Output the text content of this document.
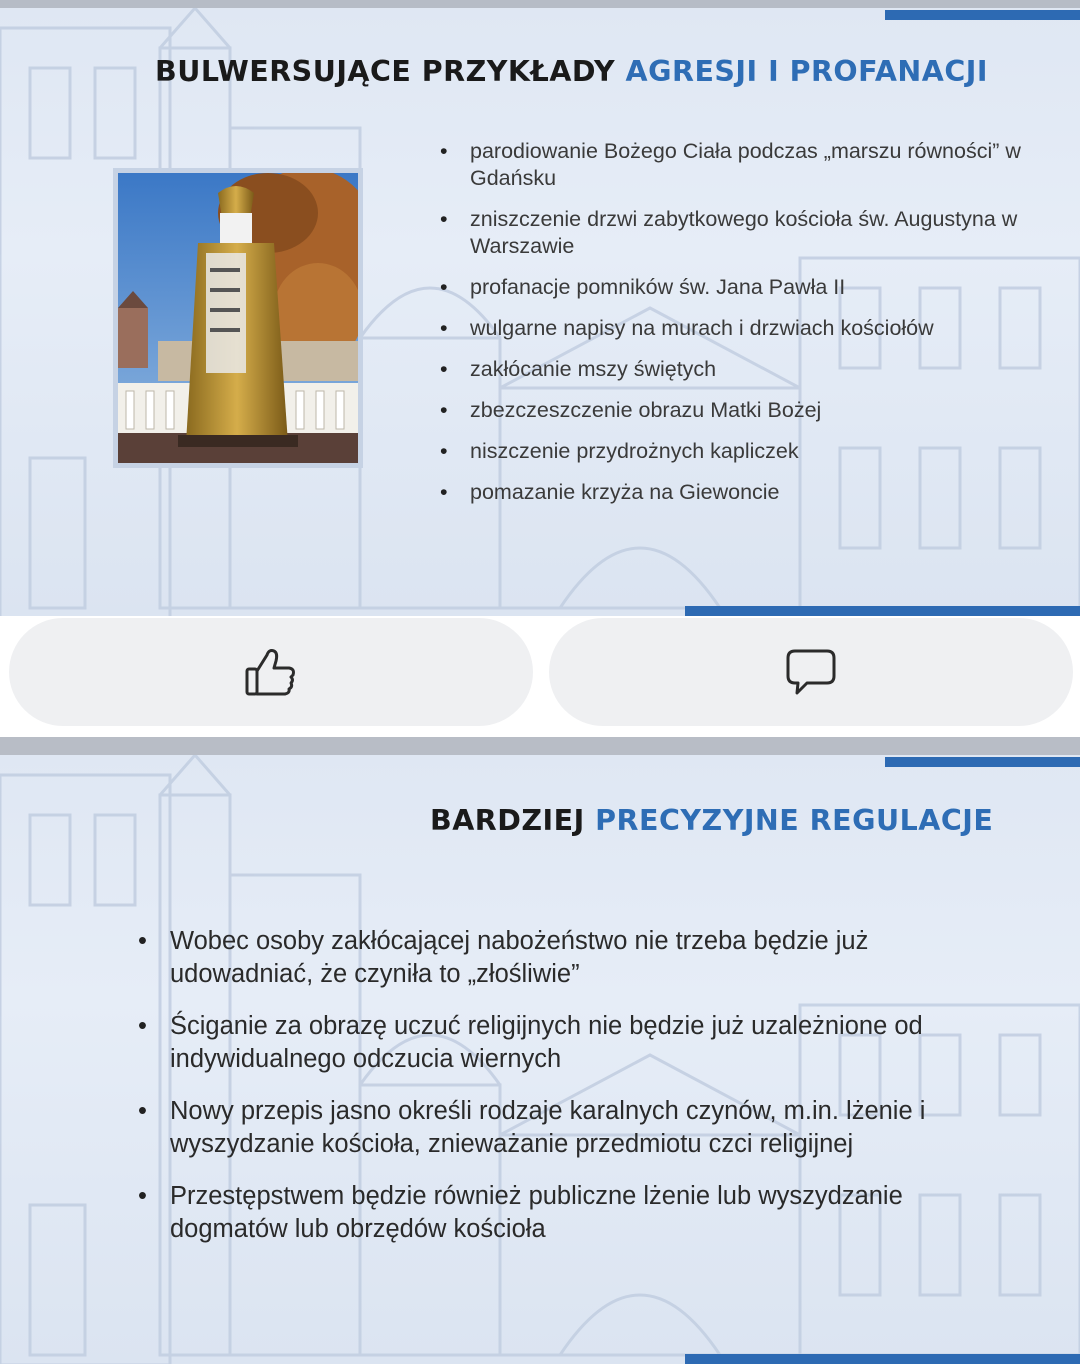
BULWERSUJĄCE PRZYKŁADY AGRESJI I PROFANACJI
• parodiowanie Bożego Ciała podczas „marszu równości” w Gdańsku
• zniszczenie drzwi zabytkowego kościoła św. Augustyna w Warszawie
• profanacje pomników św. Jana Pawła II
• wulgarne napisy na murach i drzwiach kościołów
• zakłócanie mszy świętych
• zbezczeszczenie obrazu Matki Bożej
• niszczenie przydrożnych kapliczek
• pomazanie krzyża na Giewoncie
BARDZIEJ PRECYZYJNE REGULACJE
• Wobec osoby zakłócającej nabożeństwo nie trzeba będzie już udowadniać, że czyniła to „złośliwie”
• Ściganie za obrazę uczuć religijnych nie będzie już uzależnione od indywidualnego odczucia wiernych
• Nowy przepis jasno określi rodzaje karalnych czynów, m.in. lżenie i wyszydzanie kościoła, znieważanie przedmiotu czci religijnej
• Przestępstwem będzie również publiczne lżenie lub wyszydzanie dogmatów lub obrzędów kościoła
